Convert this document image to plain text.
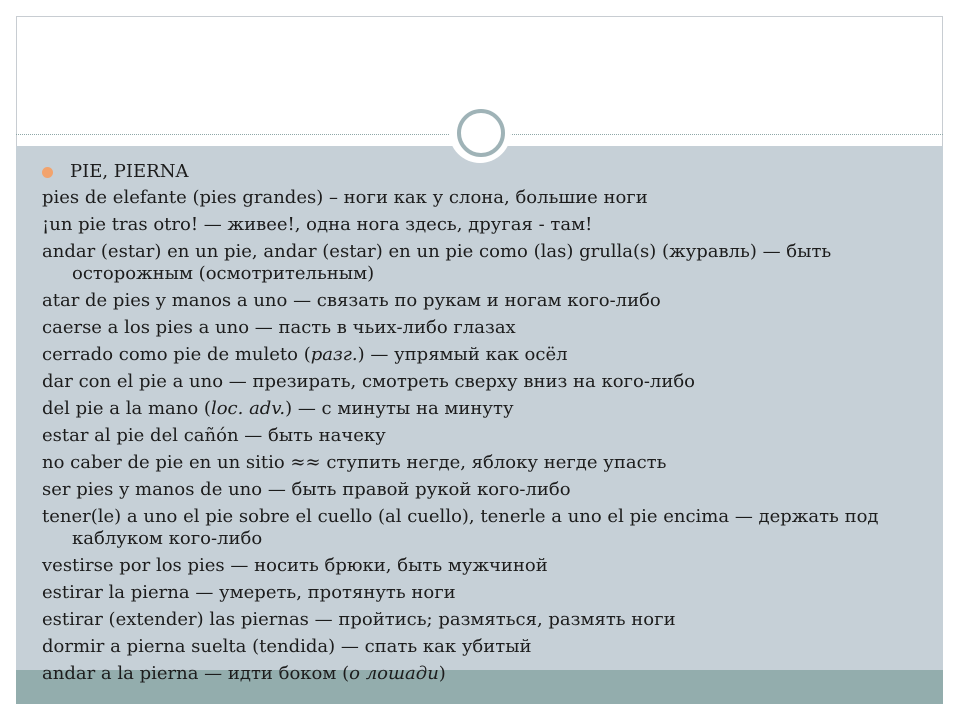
PIE, PIERNA
pies de elefante (pies grandes) – ноги как у слона, большие ноги
¡un pie tras otro! — живее!, одна нога здесь, другая - там!
andar (estar) en un pie, andar (estar) en un pie como (las) grulla(s) (журавль) — быть осторожным (осмотрительным)
atar de pies y manos a uno — связать по рукам и ногам кого-либо
caerse a los pies a uno — пасть в чьих-либо глазах
cerrado como pie de muleto (разг.) — упрямый как осёл
dar con el pie a uno — презирать, смотреть сверху вниз на кого-либо
del pie a la mano (loc. adv.) — с минуты на минуту
estar al pie del cañón — быть начеку
no caber de pie en un sitio ≈≈ ступить негде, яблоку негде упасть
ser pies y manos de uno — быть правой рукой кого-либо
tener(le) a uno el pie sobre el cuello (al cuello), tenerle a uno el pie encima — держать под каблуком кого-либо
vestirse por los pies — носить брюки, быть мужчиной
estirar la pierna — умереть, протянуть ноги
estirar (extender) las piernas — пройтись; размяться, размять ноги
dormir a pierna suelta (tendida) — спать как убитый
andar a la pierna — идти боком (о лошади)
